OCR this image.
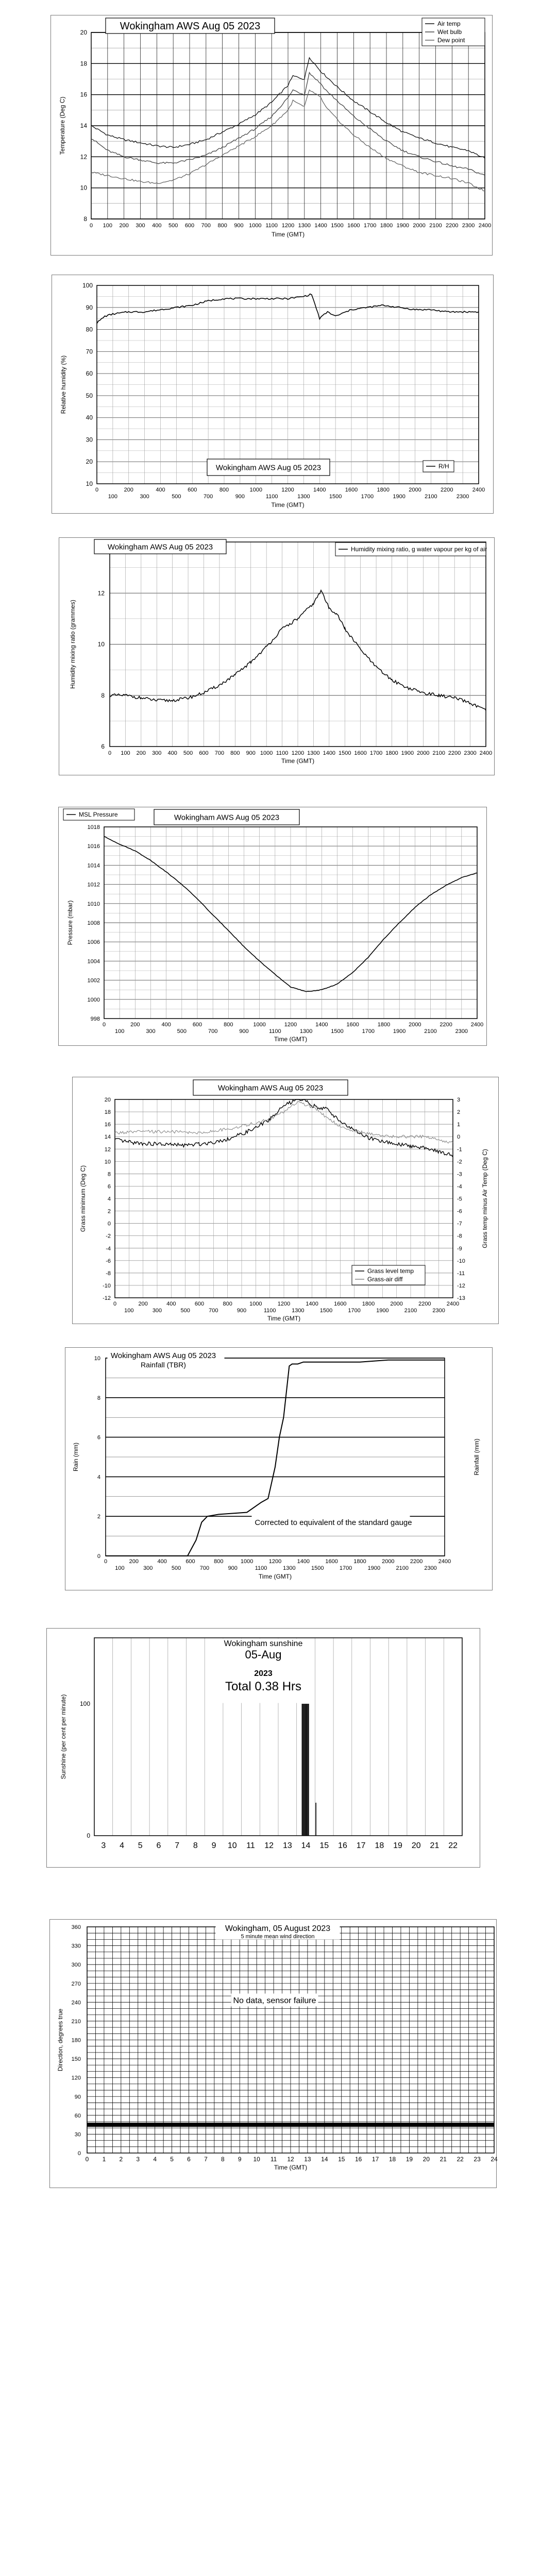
0 100 200 300 400 500 600 700 800 900 1000 1100 1200 1300 1400 1500 1600 1700 1800 1900 2000 2100 2200 2300 2400
8
10
12
14
16
18
20
Time (GMT)
Temperature (Deg C)
Wokingham AWS Aug 05 2023	Air temp
Wet bulb
Dew point
0	200	400	600	800	1000	1200	1400	1600	1800	2000	2200	2400
100	300	500	700	900	1100	1300	1500	1700	1900	2100	2300
10
20
30
40
50
60
70
80
90
100
Time (GMT)
Relative humidity (%)
Wokingham AWS Aug 05 2023	R/H
0 100 200 300 400 500 600 700 800 900 1000 1100 1200 1300 1400 1500 1600 1700 1800 1900 2000 2100 2200 2300 2400
6
8
10
12
Time (GMT)
Humidity mixing ratio (grammes)
Wokingham AWS Aug 05 2023	Humidity mixing ratio, g water vapour per kg of air
0	200	400	600	800	1000	1200	1400	1600	1800	2000	2200	2400
100	300	500	700	900	1100	1300	1500	1700	1900	2100	2300
998
1000
1002
1004
1006
1008
1010
1012
1014
1016
1018
Time (GMT)
Pressure (mbar)
MSL Pressure	Wokingham AWS Aug 05 2023
0	200	400	600	800	1000	1200	1400	1600	1800	2000	2200	2400
100	300	500	700	900	1100	1300	1500	1700	1900	2100	2300
20
18
16
14
12
10
8
6
4
2
0
-2
-4
-6
-8
-10
-12
3
2
1
0
-1
-2
-3
-4
-5
-6
-7
-8
-9
-10
-11
-12
-13
Time (GMT)
Grass minimum (Deg C)	Grass temp minus Air Temp (Deg C)
Wokingham AWS Aug 05 2023
Grass level temp
Grass-air diff
0	200	400	600	800	1000	1200	1400	1600	1800	2000	2200	2400
100	300	500	700	900	1100	1300	1500	1700	1900	2100	2300
0
2
4
6
8
10
Time (GMT)
Rain (mm)	Rainfall (mm)
Wokingham AWS Aug 05 2023
Rainfall (TBR)
Corrected to equivalent of the standard gauge
3 4 5 6 7 8 9 10 11 12 13 14 15 16 17 18 19 20 21 22
0
100
Sunshine (per cent per minute)
Wokingham sunshine
05-Aug
2023
Total 0.38 Hrs
0 1 2 3 4 5 6 7 8 9 10 11 12 13 14 15 16 17 18 19 20 21 22 23 24
0
30
60
90
120
150
180
210
240
270
300
330
360
Time (GMT)
Direction, degrees true
Wokingham, 05 August 2023
5 minute mean wind direction
No data, sensor failure
